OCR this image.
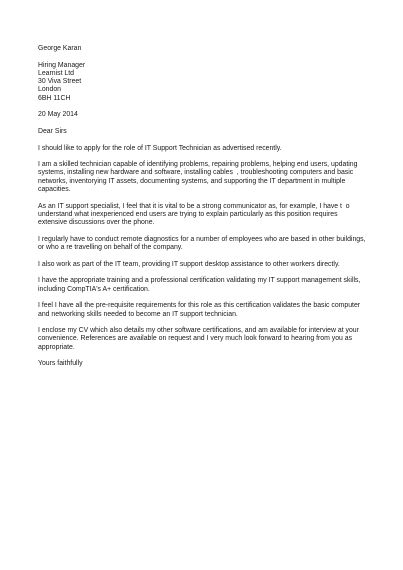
George Karan
Hiring Manager
Learnist Ltd
30 Viva Street
London
6BH 11CH
20 May 2014
Dear Sirs
I should like to apply for the role of IT Support Technician as advertised recently.
I am a skilled technician capable of identifying problems, repairing problems, helping end users, updating
systems, installing new hardware and software, installing cables  , troubleshooting computers and basic
networks, inventorying IT assets, documenting systems, and supporting the IT department in multiple
capacities.
As an IT support specialist, I feel that it is vital to be a strong communicator as, for example, I have t  o
understand what inexperienced end users are trying to explain particularly as this position requires
extensive discussions over the phone.
I regularly have to conduct remote diagnostics for a number of employees who are based in other buildings,
or who a re travelling on behalf of the company.
I also work as part of the IT team, providing IT support desktop assistance to other workers directly.
I have the appropriate training and a professional certification validating my IT support management skills,
including CompTIA's A+ certification.
I feel I have all the pre-requisite requirements for this role as this certification validates the basic computer
and networking skills needed to become an IT support technician.
I enclose my CV which also details my other software certifications, and am available for interview at your
convenience. References are available on request and I very much look forward to hearing from you as
appropriate.
Yours faithfully
